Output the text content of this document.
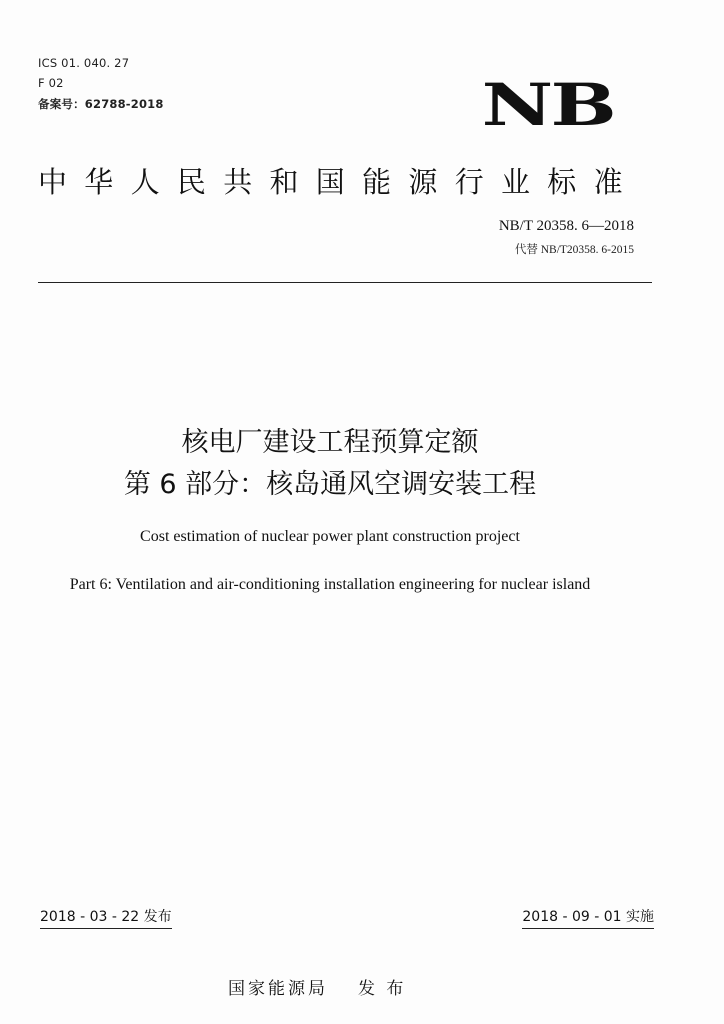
ICS 01. 040. 27
F 02
备案号：62788-2018	NB
中华人民共和国能源行业标准
NB/T 20358. 6—2018
代替 NB/T20358. 6-2015
核电厂建设工程预算定额
第 6 部分：核岛通风空调安装工程
Cost estimation of nuclear power plant construction project
Part 6: Ventilation and air-conditioning installation engineering for nuclear island
2018 - 03 - 22 发布	2018 - 09 - 01 实施
国家能源局 发 布
